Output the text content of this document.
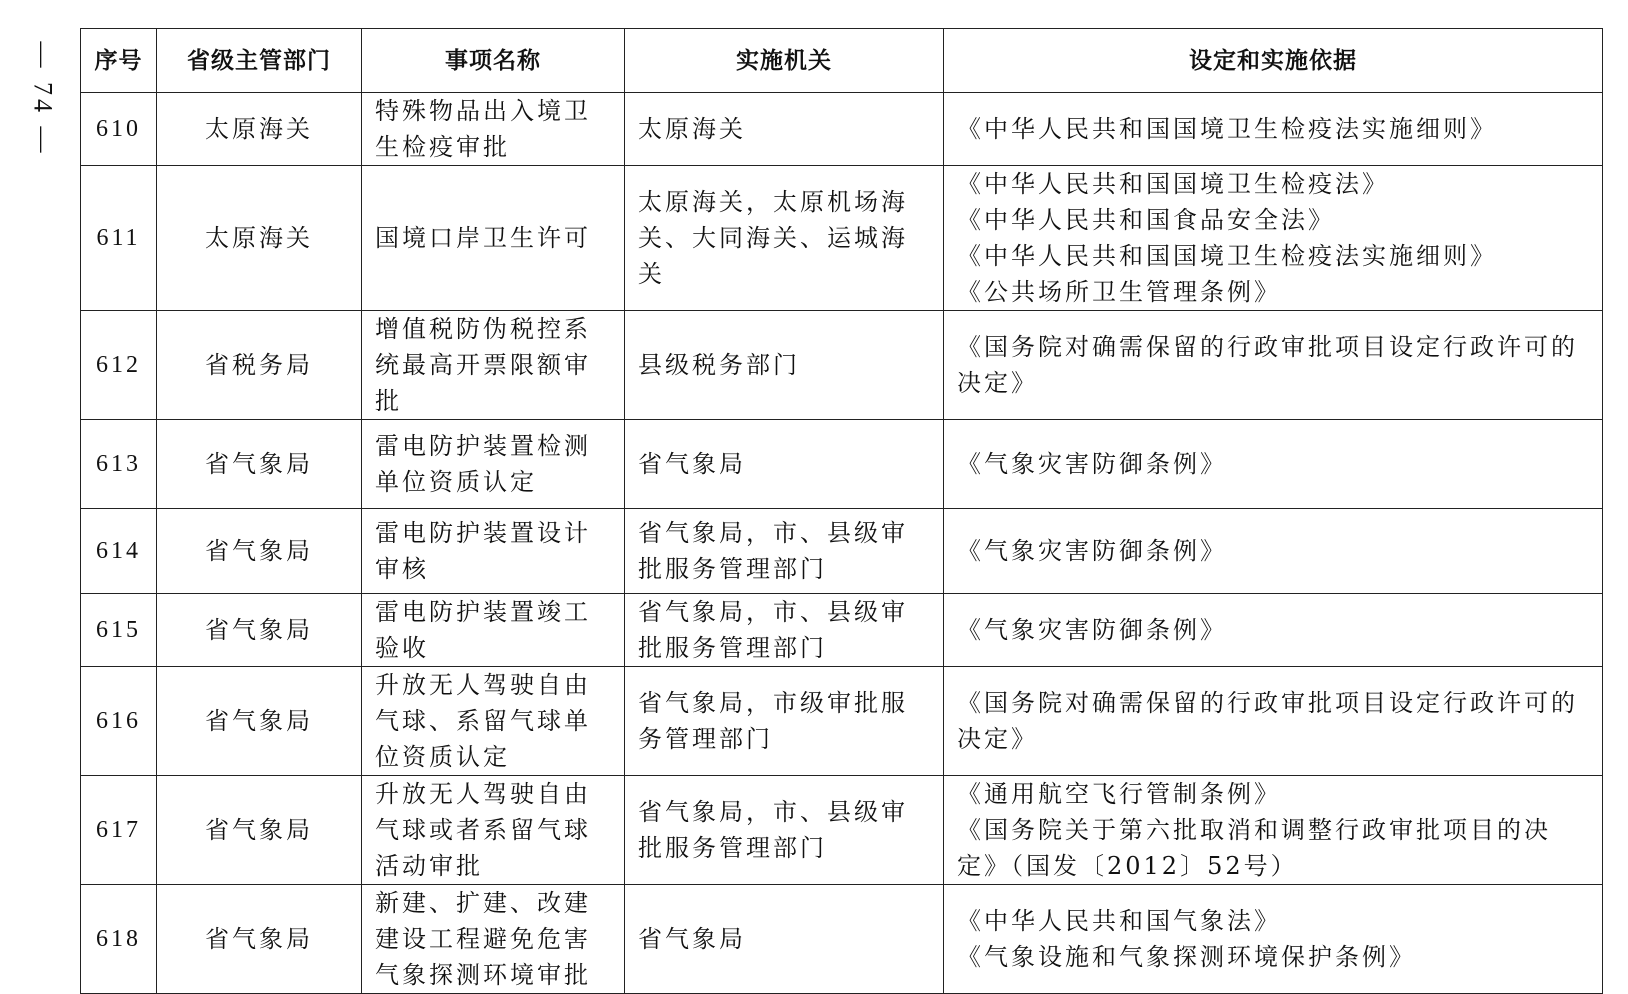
— 74 — 序号	省级主管部门	事项名称	实施机关	设定和实施依据
610	太原海关	特殊物品出入境卫生检疫审批	太原海关	《中华人民共和国国境卫生检疫法实施细则》

611	太原海关	国境口岸卫生许可	太原海关，太原机场海关、大同海关、运城海关	《中华人民共和国国境卫生检疫法》
《中华人民共和国食品安全法》
《中华人民共和国国境卫生检疫法实施细则》
《公共场所卫生管理条例》

612	省税务局	增值税防伪税控系统最高开票限额审批	县级税务部门	《国务院对确需保留的行政审批项目设定行政许可的决定》

613	省气象局	雷电防护装置检测单位资质认定	省气象局	《气象灾害防御条例》

614	省气象局	雷电防护装置设计审核	省气象局，市、县级审批服务管理部门	《气象灾害防御条例》

615	省气象局	雷电防护装置竣工验收	省气象局，市、县级审批服务管理部门	《气象灾害防御条例》

616	省气象局	升放无人驾驶自由气球、系留气球单位资质认定	省气象局，市级审批服务管理部门	《国务院对确需保留的行政审批项目设定行政许可的决定》

617	省气象局	升放无人驾驶自由气球或者系留气球活动审批	省气象局，市、县级审批服务管理部门	《通用航空飞行管制条例》
《国务院关于第六批取消和调整行政审批项目的决定》（国发〔2012〕52号）

618	省气象局	新建、扩建、改建建设工程避免危害气象探测环境审批	省气象局	《中华人民共和国气象法》
《气象设施和气象探测环境保护条例》
